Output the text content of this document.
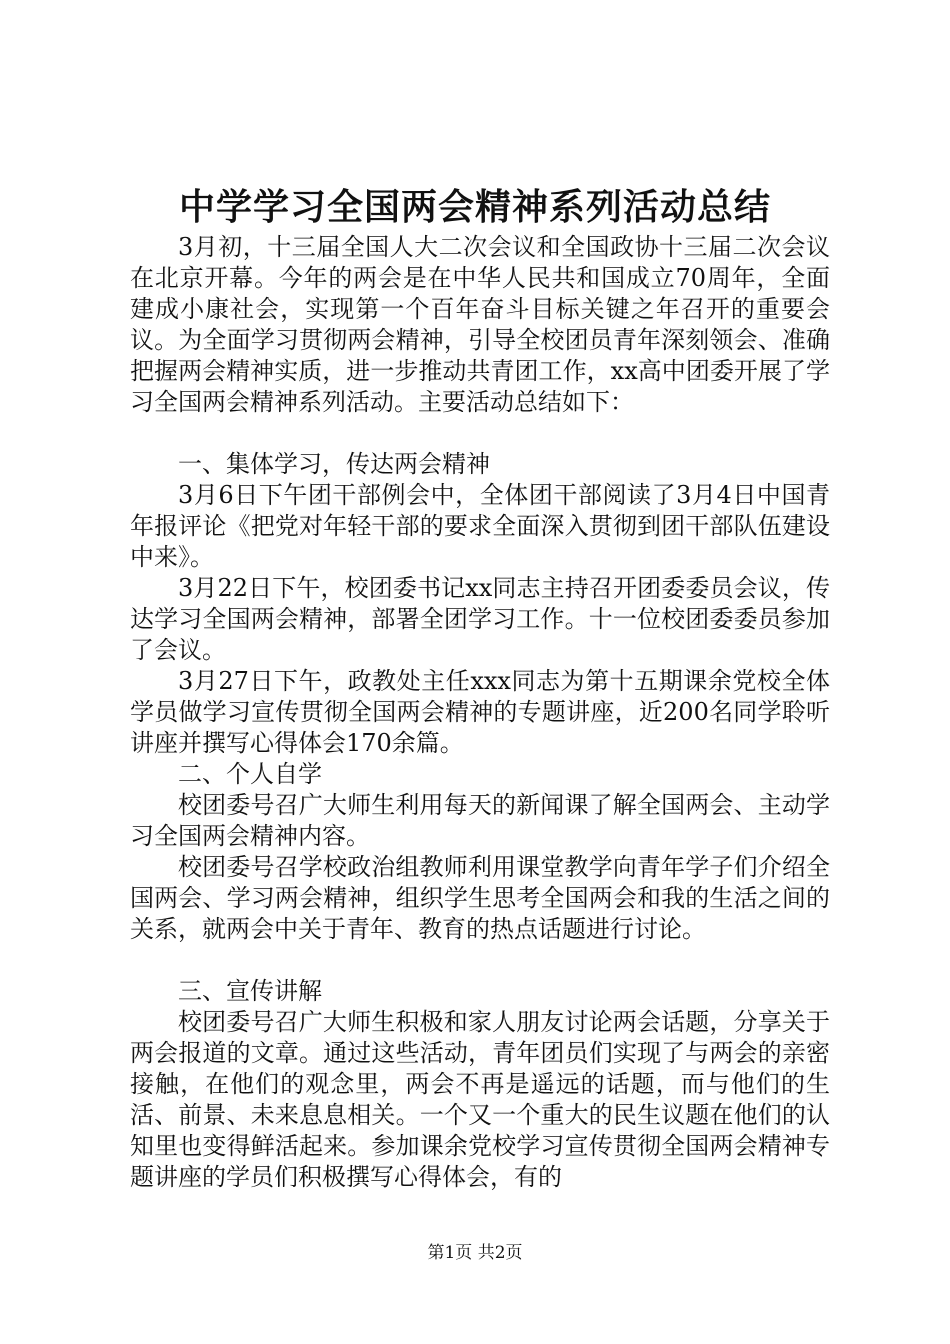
中学学习全国两会精神系列活动总结

3月初，十三届全国人大二次会议和全国政协十三届二次会议在北京开幕。今年的两会是在中华人民共和国成立70周年，全面建成小康社会，实现第一个百年奋斗目标关键之年召开的重要会议。为全面学习贯彻两会精神，引导全校团员青年深刻领会、准确把握两会精神实质，进一步推动共青团工作，xx高中团委开展了学习全国两会精神系列活动。主要活动总结如下：

一、集体学习，传达两会精神

3月6日下午团干部例会中，全体团干部阅读了3月4日中国青年报评论《把党对年轻干部的要求全面深入贯彻到团干部队伍建设中来》。

3月22日下午，校团委书记xx同志主持召开团委委员会议，传达学习全国两会精神，部署全团学习工作。十一位校团委委员参加了会议。

3月27日下午，政教处主任xxx同志为第十五期课余党校全体学员做学习宣传贯彻全国两会精神的专题讲座，近200名同学聆听讲座并撰写心得体会170余篇。

二、个人自学

校团委号召广大师生利用每天的新闻课了解全国两会、主动学习全国两会精神内容。

校团委号召学校政治组教师利用课堂教学向青年学子们介绍全国两会、学习两会精神，组织学生思考全国两会和我的生活之间的关系，就两会中关于青年、教育的热点话题进行讨论。

三、宣传讲解

校团委号召广大师生积极和家人朋友讨论两会话题，分享关于两会报道的文章。通过这些活动，青年团员们实现了与两会的亲密接触，在他们的观念里，两会不再是遥远的话题，而与他们的生活、前景、未来息息相关。一个又一个重大的民生议题在他们的认知里也变得鲜活起来。参加课余党校学习宣传贯彻全国两会精神专题讲座的学员们积极撰写心得体会，有的

第1页 共2页
